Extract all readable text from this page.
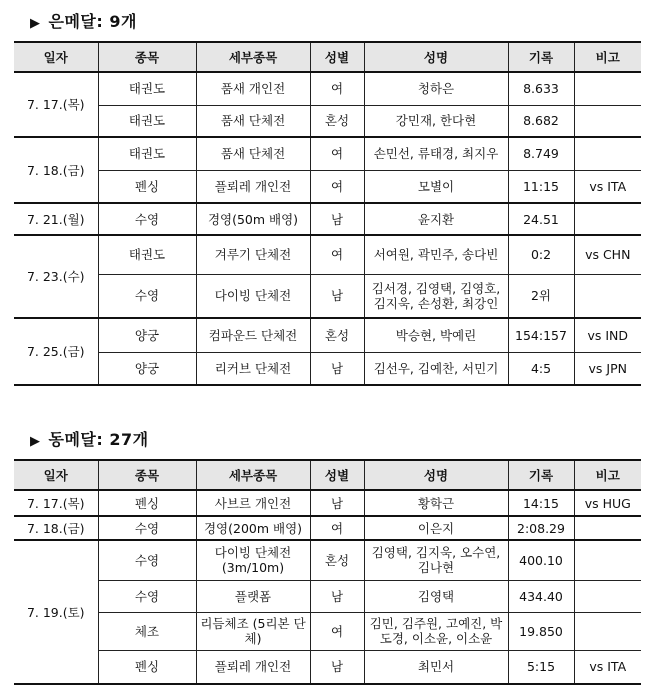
▶ 은메달: 9개
일자	종목	세부종목	성별	성명	기록	비고
7. 17.(목)	태권도	품새 개인전	여	청하은	8.633	
	태권도	품새 단체전	혼성	강민재, 한다현	8.682	
7. 18.(금)	태권도	품새 단체전	여	손민선, 류태경, 최지우	8.749	
	펜싱	플뢰레 개인전	여	모별이	11:15	vs ITA
7. 21.(월)	수영	경영(50m 배영)	남	윤지환	24.51	
7. 23.(수)	태권도	겨루기 단체전	여	서여원, 곽민주, 송다빈	0:2	vs CHN
	수영	다이빙 단체전	남	김서경, 김영택, 김영호, 김지욱, 손성환, 최강인	2위	
7. 25.(금)	양궁	컴파운드 단체전	혼성	박승현, 박예린	154:157	vs IND
	양궁	리커브 단체전	남	김선우, 김예찬, 서민기	4:5	vs JPN
▶ 동메달: 27개
일자	종목	세부종목	성별	성명	기록	비고
7. 17.(목)	펜싱	사브르 개인전	남	황학근	14:15	vs HUG
7. 18.(금)	수영	경영(200m 배영)	여	이은지	2:08.29	
7. 19.(토)	수영	다이빙 단체전 (3m/10m)	혼성	김영택, 김지욱, 오수연, 김나현	400.10	
	수영	플랫폼	남	김영택	434.40	
	체조	리듬체조 (5리본 단체)	여	김민, 김주원, 고예진, 박도경, 이소윤, 이소윤	19.850	
	펜싱	플뢰레 개인전	남	최민서	5:15	vs ITA
